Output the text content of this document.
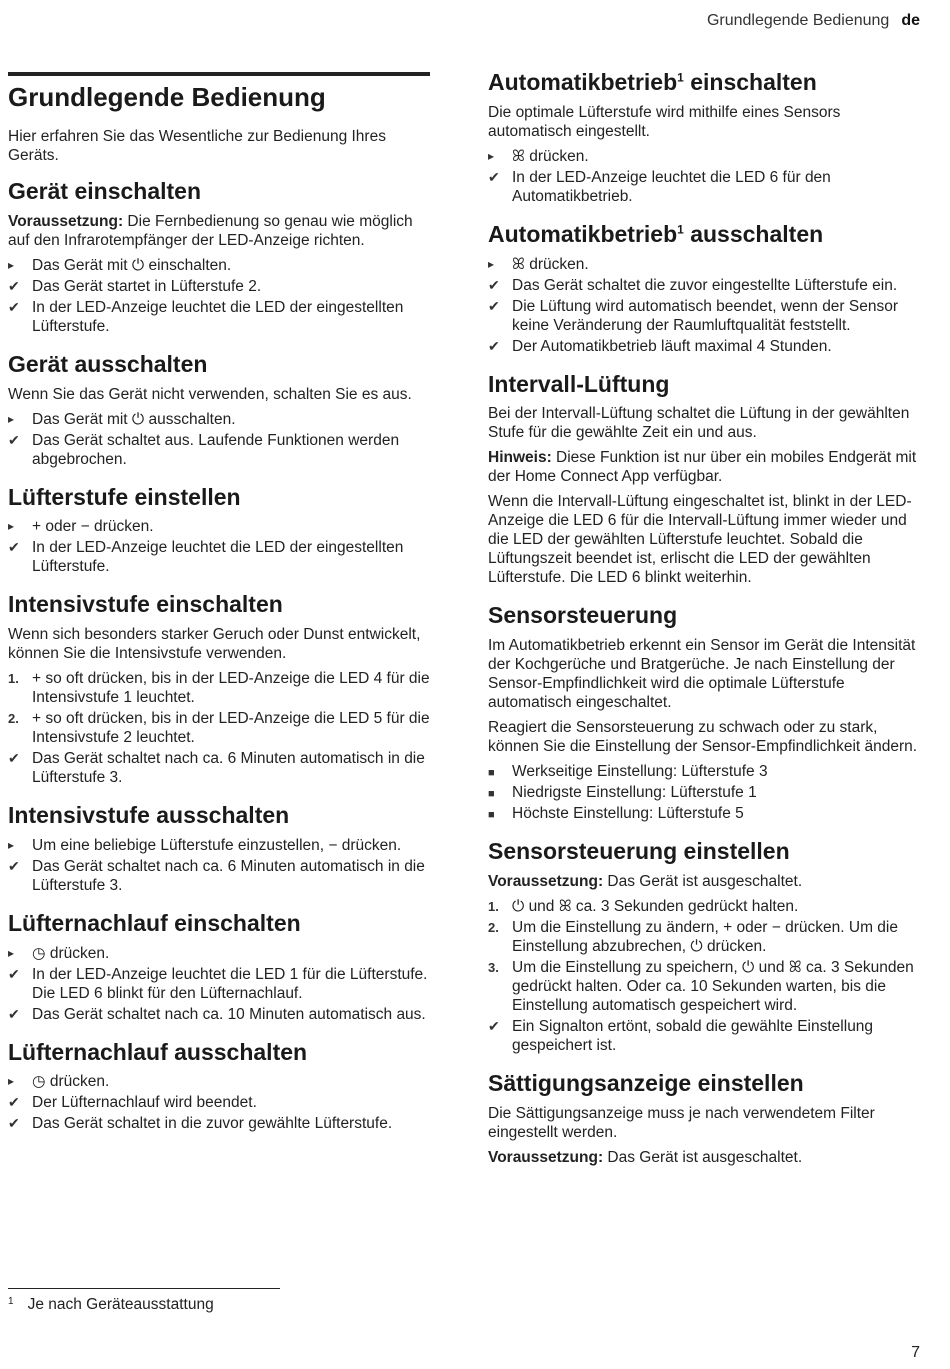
Grundlegende Bedienung de
Grundlegende Bedienung

Hier erfahren Sie das Wesentliche zur Bedienung Ihres Geräts.

Gerät einschalten

Voraussetzung: Die Fernbedienung so genau wie möglich auf den Infrarotempfänger der LED-Anzeige richten.

▸	Das Gerät mit ⏻ einschalten.
✔ Das Gerät startet in Lüfterstufe 2.
✔ In der LED-Anzeige leuchtet die LED der eingestellten Lüfterstufe.
Gerät ausschalten

Wenn Sie das Gerät nicht verwenden, schalten Sie es aus.

▸	Das Gerät mit ⏻ ausschalten.
✔ Das Gerät schaltet aus. Laufende Funktionen werden abgebrochen.
Lüfterstufe einstellen
▸	+ oder − drücken.
✔ In der LED-Anzeige leuchtet die LED der eingestellten Lüfterstufe.
Intensivstufe einschalten

Wenn sich besonders starker Geruch oder Dunst entwickelt, können Sie die Intensivstufe verwenden.

1. + so oft drücken, bis in der LED-Anzeige die LED 4 für die Intensivstufe 1 leuchtet.
2. + so oft drücken, bis in der LED-Anzeige die LED 5 für die Intensivstufe 2 leuchtet.
✔ Das Gerät schaltet nach ca. 6 Minuten automatisch in die Lüfterstufe 3.
Intensivstufe ausschalten
▸	Um eine beliebige Lüfterstufe einzustellen, − drücken.
✔ Das Gerät schaltet nach ca. 6 Minuten automatisch in die Lüfterstufe 3.
Lüfternachlauf einschalten
▸	◷ drücken.
✔ In der LED-Anzeige leuchtet die LED 1 für die Lüfterstufe. Die LED 6 blinkt für den Lüfternachlauf.
✔ Das Gerät schaltet nach ca. 10 Minuten automatisch aus.
Lüfternachlauf ausschalten
▸	◷ drücken.
✔ Der Lüfternachlauf wird beendet.
✔ Das Gerät schaltet in die zuvor gewählte Lüfterstufe.
Automatikbetrieb$^1$ einschalten

Die optimale Lüfterstufe wird mithilfe eines Sensors automatisch eingestellt.

▸	ꕤ drücken.
✔ In der LED-Anzeige leuchtet die LED 6 für den Automatikbetrieb.
Automatikbetrieb$^1$ ausschalten
▸	ꕤ drücken.
✔ Das Gerät schaltet die zuvor eingestellte Lüfterstufe ein.
✔ Die Lüftung wird automatisch beendet, wenn der Sensor keine Veränderung der Raumluftqualität feststellt.
✔ Der Automatikbetrieb läuft maximal 4 Stunden.
Intervall-Lüftung

Bei der Intervall-Lüftung schaltet die Lüftung in der gewählten Stufe für die gewählte Zeit ein und aus.

Hinweis: Diese Funktion ist nur über ein mobiles Endgerät mit der Home Connect App verfügbar.

Wenn die Intervall-Lüftung eingeschaltet ist, blinkt in der LED-Anzeige die LED 6 für die Intervall-Lüftung immer wieder und die LED der gewählten Lüfterstufe leuchtet. Sobald die Lüftungszeit beendet ist, erlischt die LED der gewählten Lüfterstufe. Die LED 6 blinkt weiterhin.

Sensorsteuerung

Im Automatikbetrieb erkennt ein Sensor im Gerät die Intensität der Kochgerüche und Bratgerüche. Je nach Einstellung der Sensor-Empfindlichkeit wird die optimale Lüfterstufe automatisch eingeschaltet.

Reagiert die Sensorsteuerung zu schwach oder zu stark, können Sie die Einstellung der Sensor-Empfindlichkeit ändern.

■	Werkseitige Einstellung: Lüfterstufe 3
■	Niedrigste Einstellung: Lüfterstufe 1
■	Höchste Einstellung: Lüfterstufe 5
Sensorsteuerung einstellen

Voraussetzung: Das Gerät ist ausgeschaltet.

1. ⏻ und ꕤ ca. 3 Sekunden gedrückt halten.
2. Um die Einstellung zu ändern, + oder − drücken. Um die Einstellung abzubrechen, ⏻ drücken.
3. Um die Einstellung zu speichern, ⏻ und ꕤ ca. 3 Sekunden gedrückt halten. Oder ca. 10 Sekunden warten, bis die Einstellung automatisch gespeichert wird.
✔ Ein Signalton ertönt, sobald die gewählte Einstellung gespeichert ist.
Sättigungsanzeige einstellen

Die Sättigungsanzeige muss je nach verwendetem Filter eingestellt werden.

Voraussetzung: Das Gerät ist ausgeschaltet.

$^1$ Je nach Geräteausstattung
7
